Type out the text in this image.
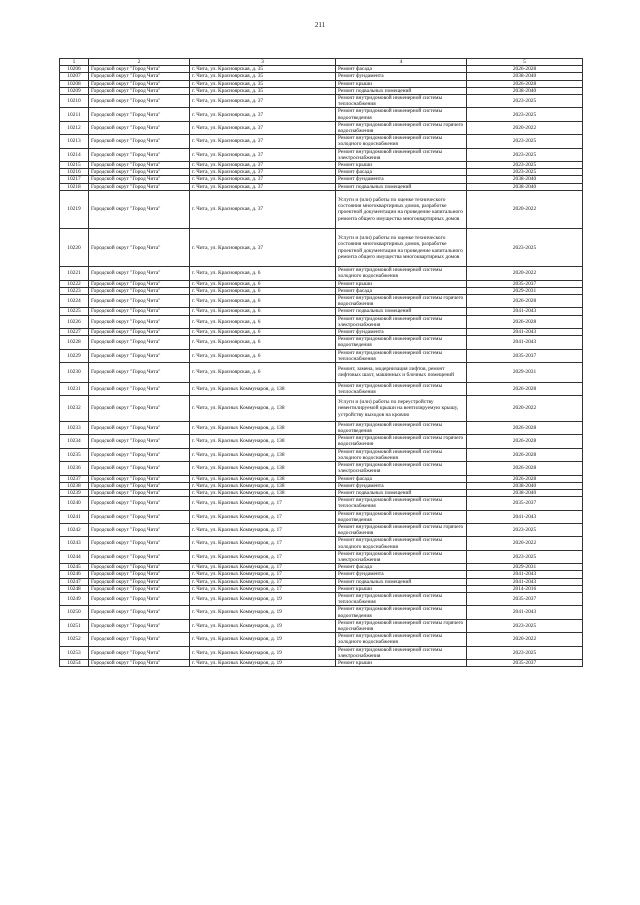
211
1	2	3	4	5
10206	Городской округ "Город Чита"	г. Чита, ул. Красноярская, д. 35	Ремонт фасада	2026-2028
10207	Городской округ "Город Чита"	г. Чита, ул. Красноярская, д. 35	Ремонт фундамента	2038-2040
10208	Городской округ "Город Чита"	г. Чита, ул. Красноярская, д. 35	Ремонт крыши	2026-2028
10209	Городской округ "Город Чита"	г. Чита, ул. Красноярская, д. 35	Ремонт подвальных помещений	2038-2040
10210	Городской округ "Город Чита"	г. Чита, ул. Красноярская, д. 37	Ремонт внутридомовой инженерной системы теплоснабжения	2023-2025
10211	Городской округ "Город Чита"	г. Чита, ул. Красноярская, д. 37	Ремонт внутридомовой инженерной системы водоотведения	2023-2025
10212	Городской округ "Город Чита"	г. Чита, ул. Красноярская, д. 37	Ремонт внутридомовой инженерной системы горячего водоснабжения	2020-2022
10213	Городской округ "Город Чита"	г. Чита, ул. Красноярская, д. 37	Ремонт внутридомовой инженерной системы холодного водоснабжения	2023-2025
10214	Городской округ "Город Чита"	г. Чита, ул. Красноярская, д. 37	Ремонт внутридомовой инженерной системы электроснабжения	2023-2025
10215	Городской округ "Город Чита"	г. Чита, ул. Красноярская, д. 37	Ремонт крыши	2023-2025
10216	Городской округ "Город Чита"	г. Чита, ул. Красноярская, д. 37	Ремонт фасада	2023-2025
10217	Городской округ "Город Чита"	г. Чита, ул. Красноярская, д. 37	Ремонт фундамента	2038-2040
10218	Городской округ "Город Чита"	г. Чита, ул. Красноярская, д. 37	Ремонт подвальных помещений	2038-2040
10219	Городской округ "Город Чита"	г. Чита, ул. Красноярская, д. 37	Услуги и (или) работы по оценке технического состояния многоквартирных домов, разработке проектной документации на проведение капитального ремонта общего имущества многоквартирных домов	2020-2022
10220	Городской округ "Город Чита"	г. Чита, ул. Красноярская, д. 37	Услуги и (или) работы по оценке технического состояния многоквартирных домов, разработке проектной документации на проведение капитального ремонта общего имущества многоквартирных домов	2023-2025
10221	Городской округ "Город Чита"	г. Чита, ул. Красноярская, д. 6	Ремонт внутридомовой инженерной системы холодного водоснабжения	2020-2022
10222	Городской округ "Город Чита"	г. Чита, ул. Красноярская, д. 6	Ремонт крыши	2035-2037
10223	Городской округ "Город Чита"	г. Чита, ул. Красноярская, д. 6	Ремонт фасада	2029-2031
10224	Городской округ "Город Чита"	г. Чита, ул. Красноярская, д. 6	Ремонт внутридомовой инженерной системы горячего водоснабжения	2026-2028
10225	Городской округ "Город Чита"	г. Чита, ул. Красноярская, д. 6	Ремонт подвальных помещений	2041-2043
10226	Городской округ "Город Чита"	г. Чита, ул. Красноярская, д. 6	Ремонт внутридомовой инженерной системы электроснабжения	2026-2028
10227	Городской округ "Город Чита"	г. Чита, ул. Красноярская, д. 6	Ремонт фундамента	2041-2043
10228	Городской округ "Город Чита"	г. Чита, ул. Красноярская, д. 6	Ремонт внутридомовой инженерной системы водоотведения	2041-2043
10229	Городской округ "Город Чита"	г. Чита, ул. Красноярская, д. 6	Ремонт внутридомовой инженерной системы теплоснабжения	2035-2037
10230	Городской округ "Город Чита"	г. Чита, ул. Красноярская, д. 6	Ремонт, замена, модернизация лифтов, ремонт лифтовых шахт, машинных и блочных помещений	2029-2031
10231	Городской округ "Город Чита"	г. Чита, ул. Красных Коммунаров, д. 138	Ремонт внутридомовой инженерной системы теплоснабжения	2026-2028
10232	Городской округ "Город Чита"	г. Чита, ул. Красных Коммунаров, д. 138	Услуги и (или) работы по переустройству невентилируемой крыши на вентилируемую крышу, устройству выходов на кровлю	2020-2022
10233	Городской округ "Город Чита"	г. Чита, ул. Красных Коммунаров, д. 138	Ремонт внутридомовой инженерной системы водоотведения	2026-2028
10234	Городской округ "Город Чита"	г. Чита, ул. Красных Коммунаров, д. 138	Ремонт внутридомовой инженерной системы горячего водоснабжения	2026-2028
10235	Городской округ "Город Чита"	г. Чита, ул. Красных Коммунаров, д. 138	Ремонт внутридомовой инженерной системы холодного водоснабжения	2026-2028
10236	Городской округ "Город Чита"	г. Чита, ул. Красных Коммунаров, д. 138	Ремонт внутридомовой инженерной системы электроснабжения	2026-2028
10237	Городской округ "Город Чита"	г. Чита, ул. Красных Коммунаров, д. 138	Ремонт фасада	2026-2028
10238	Городской округ "Город Чита"	г. Чита, ул. Красных Коммунаров, д. 138	Ремонт фундамента	2038-2040
10239	Городской округ "Город Чита"	г. Чита, ул. Красных Коммунаров, д. 138	Ремонт подвальных помещений	2038-2040
10240	Городской округ "Город Чита"	г. Чита, ул. Красных Коммунаров, д. 17	Ремонт внутридомовой инженерной системы теплоснабжения	2035-2037
10241	Городской округ "Город Чита"	г. Чита, ул. Красных Коммунаров, д. 17	Ремонт внутридомовой инженерной системы водоотведения	2041-2043
10242	Городской округ "Город Чита"	г. Чита, ул. Красных Коммунаров, д. 17	Ремонт внутридомовой инженерной системы горячего водоснабжения	2023-2025
10243	Городской округ "Город Чита"	г. Чита, ул. Красных Коммунаров, д. 17	Ремонт внутридомовой инженерной системы холодного водоснабжения	2020-2022
10244	Городской округ "Город Чита"	г. Чита, ул. Красных Коммунаров, д. 17	Ремонт внутридомовой инженерной системы электроснабжения	2023-2025
10245	Городской округ "Город Чита"	г. Чита, ул. Красных Коммунаров, д. 17	Ремонт фасада	2029-2031
10246	Городской округ "Город Чита"	г. Чита, ул. Красных Коммунаров, д. 17	Ремонт фундамента	2041-2043
10247	Городской округ "Город Чита"	г. Чита, ул. Красных Коммунаров, д. 17	Ремонт подвальных помещений	2041-2043
10248	Городской округ "Город Чита"	г. Чита, ул. Красных Коммунаров, д. 17	Ремонт крыши	2014-2016
10249	Городской округ "Город Чита"	г. Чита, ул. Красных Коммунаров, д. 19	Ремонт внутридомовой инженерной системы теплоснабжения	2035-2037
10250	Городской округ "Город Чита"	г. Чита, ул. Красных Коммунаров, д. 19	Ремонт внутридомовой инженерной системы водоотведения	2041-2043
10251	Городской округ "Город Чита"	г. Чита, ул. Красных Коммунаров, д. 19	Ремонт внутридомовой инженерной системы горячего водоснабжения	2023-2025
10252	Городской округ "Город Чита"	г. Чита, ул. Красных Коммунаров, д. 19	Ремонт внутридомовой инженерной системы холодного водоснабжения	2020-2022
10253	Городской округ "Город Чита"	г. Чита, ул. Красных Коммунаров, д. 19	Ремонт внутридомовой инженерной системы электроснабжения	2023-2025
10254	Городской округ "Город Чита"	г. Чита, ул. Красных Коммунаров, д. 19	Ремонт крыши	2035-2037
